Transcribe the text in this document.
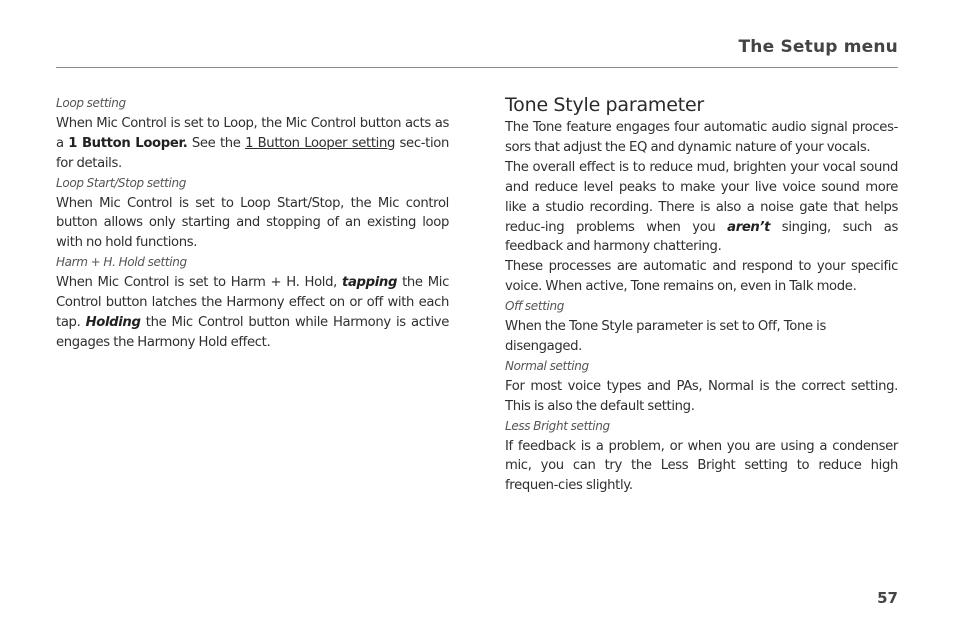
The Setup menu

Loop setting

When Mic Control is set to Loop, the Mic Control button acts as a 1 Button Looper. See the 1 Button Looper setting sec-tion for details.

Loop Start/Stop setting

When Mic Control is set to Loop Start/Stop, the Mic control button allows only starting and stopping of an existing loop with no hold functions.

Harm + H. Hold setting

When Mic Control is set to Harm + H. Hold, tapping the Mic Control button latches the Harmony effect on or off with each tap. Holding the Mic Control button while Harmony is active engages the Harmony Hold effect.

Tone Style parameter

The Tone feature engages four automatic audio signal proces-sors that adjust the EQ and dynamic nature of your vocals.

The overall effect is to reduce mud, brighten your vocal sound and reduce level peaks to make your live voice sound more like a studio recording. There is also a noise gate that helps reduc-ing problems when you aren’t singing, such as feedback and harmony chattering.

These processes are automatic and respond to your specific voice. When active, Tone remains on, even in Talk mode.

Off setting

When the Tone Style parameter is set to Off, Tone is disengaged.

Normal setting

For most voice types and PAs, Normal is the correct setting. This is also the default setting.

Less Bright setting

If feedback is a problem, or when you are using a condenser mic, you can try the Less Bright setting to reduce high frequen-cies slightly.

57
